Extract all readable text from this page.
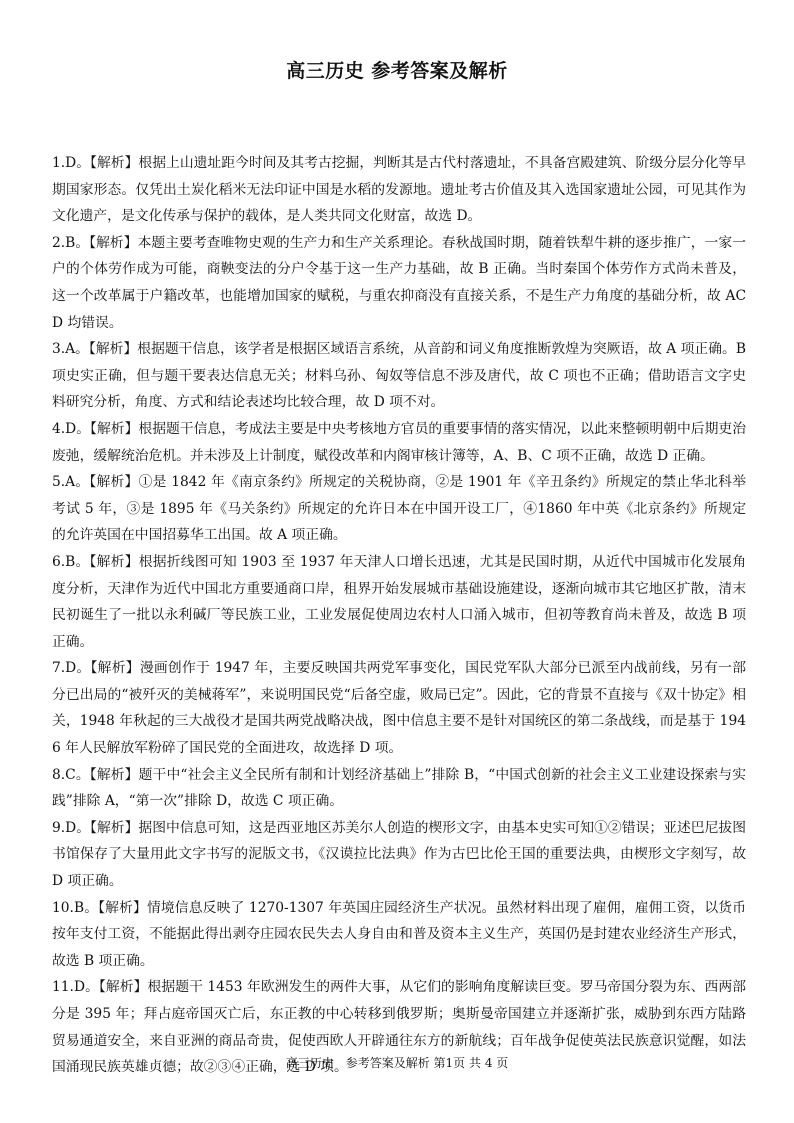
高三历史 参考答案及解析

1.D。【解析】根据上山遗址距今时间及其考古挖掘，判断其是古代村落遗址，不具备宫殿建筑、阶级分层分化等早期国家形态。仅凭出土炭化稻米无法印证中国是水稻的发源地。遗址考古价值及其入选国家遗址公园，可见其作为文化遗产，是文化传承与保护的载体，是人类共同文化财富，故选 D。

2.B。【解析】本题主要考查唯物史观的生产力和生产关系理论。春秋战国时期，随着铁犁牛耕的逐步推广，一家一户的个体劳作成为可能，商鞅变法的分户令基于这一生产力基础，故 B 正确。当时秦国个体劳作方式尚未普及，这一个改革属于户籍改革，也能增加国家的赋税，与重农抑商没有直接关系，不是生产力角度的基础分析，故 ACD 均错误。

3.A。【解析】根据题干信息，该学者是根据区域语言系统，从音韵和词义角度推断敦煌为突厥语，故 A 项正确。B 项史实正确，但与题干要表达信息无关；材料乌孙、匈奴等信息不涉及唐代，故 C 项也不正确；借助语言文字史料研究分析，角度、方式和结论表述均比较合理，故 D 项不对。

4.D。【解析】根据题干信息，考成法主要是中央考核地方官员的重要事情的落实情况，以此来整顿明朝中后期吏治废弛，缓解统治危机。并未涉及上计制度，赋役改革和内阁审核计簿等，A、B、C 项不正确，故选 D 正确。

5.A。【解析】①是 1842 年《南京条约》所规定的关税协商，②是 1901 年《辛丑条约》所规定的禁止华北科举考试 5 年，③是 1895 年《马关条约》所规定的允许日本在中国开设工厂，④1860 年中英《北京条约》所规定的允许英国在中国招募华工出国。故 A 项正确。

6.B。【解析】根据折线图可知 1903 至 1937 年天津人口增长迅速，尤其是民国时期，从近代中国城市化发展角度分析，天津作为近代中国北方重要通商口岸，租界开始发展城市基础设施建设，逐渐向城市其它地区扩散，清末民初诞生了一批以永利碱厂等民族工业，工业发展促使周边农村人口涌入城市，但初等教育尚未普及，故选 B 项正确。

7.D。【解析】漫画创作于 1947 年，主要反映国共两党军事变化，国民党军队大部分已派至内战前线，另有一部分已出局的“被歼灭的美械蒋军”，来说明国民党“后备空虚，败局已定”。因此，它的背景不直接与《双十协定》相关，1948 年秋起的三大战役才是国共两党战略决战，图中信息主要不是针对国统区的第二条战线，而是基于 1946 年人民解放军粉碎了国民党的全面进攻，故选择 D 项。

8.C。【解析】题干中“社会主义全民所有制和计划经济基础上”排除 B，“中国式创新的社会主义工业建设探索与实践”排除 A，“第一次”排除 D，故选 C 项正确。

9.D。【解析】据图中信息可知，这是西亚地区苏美尔人创造的楔形文字，由基本史实可知①②错误；亚述巴尼拔图书馆保存了大量用此文字书写的泥版文书，《汉谟拉比法典》作为古巴比伦王国的重要法典，由楔形文字刻写，故 D 项正确。

10.B。【解析】情境信息反映了 1270-1307 年英国庄园经济生产状况。虽然材料出现了雇佣，雇佣工资，以货币按年支付工资，不能据此得出剥夺庄园农民失去人身自由和普及资本主义生产，英国仍是封建农业经济生产形式，故选 B 项正确。

11.D。【解析】根据题干 1453 年欧洲发生的两件大事，从它们的影响角度解读巨变。罗马帝国分裂为东、西两部分是 395 年；拜占庭帝国灭亡后，东正教的中心转移到俄罗斯；奥斯曼帝国建立并逐渐扩张，威胁到东西方陆路贸易通道安全，来自亚洲的商品奇贵，促使西欧人开辟通往东方的新航线；百年战争促使英法民族意识觉醒，如法国涌现民族英雄贞德；故②③④正确，选 D 项。

高三历史　参考答案及解析 第1页 共 4 页
